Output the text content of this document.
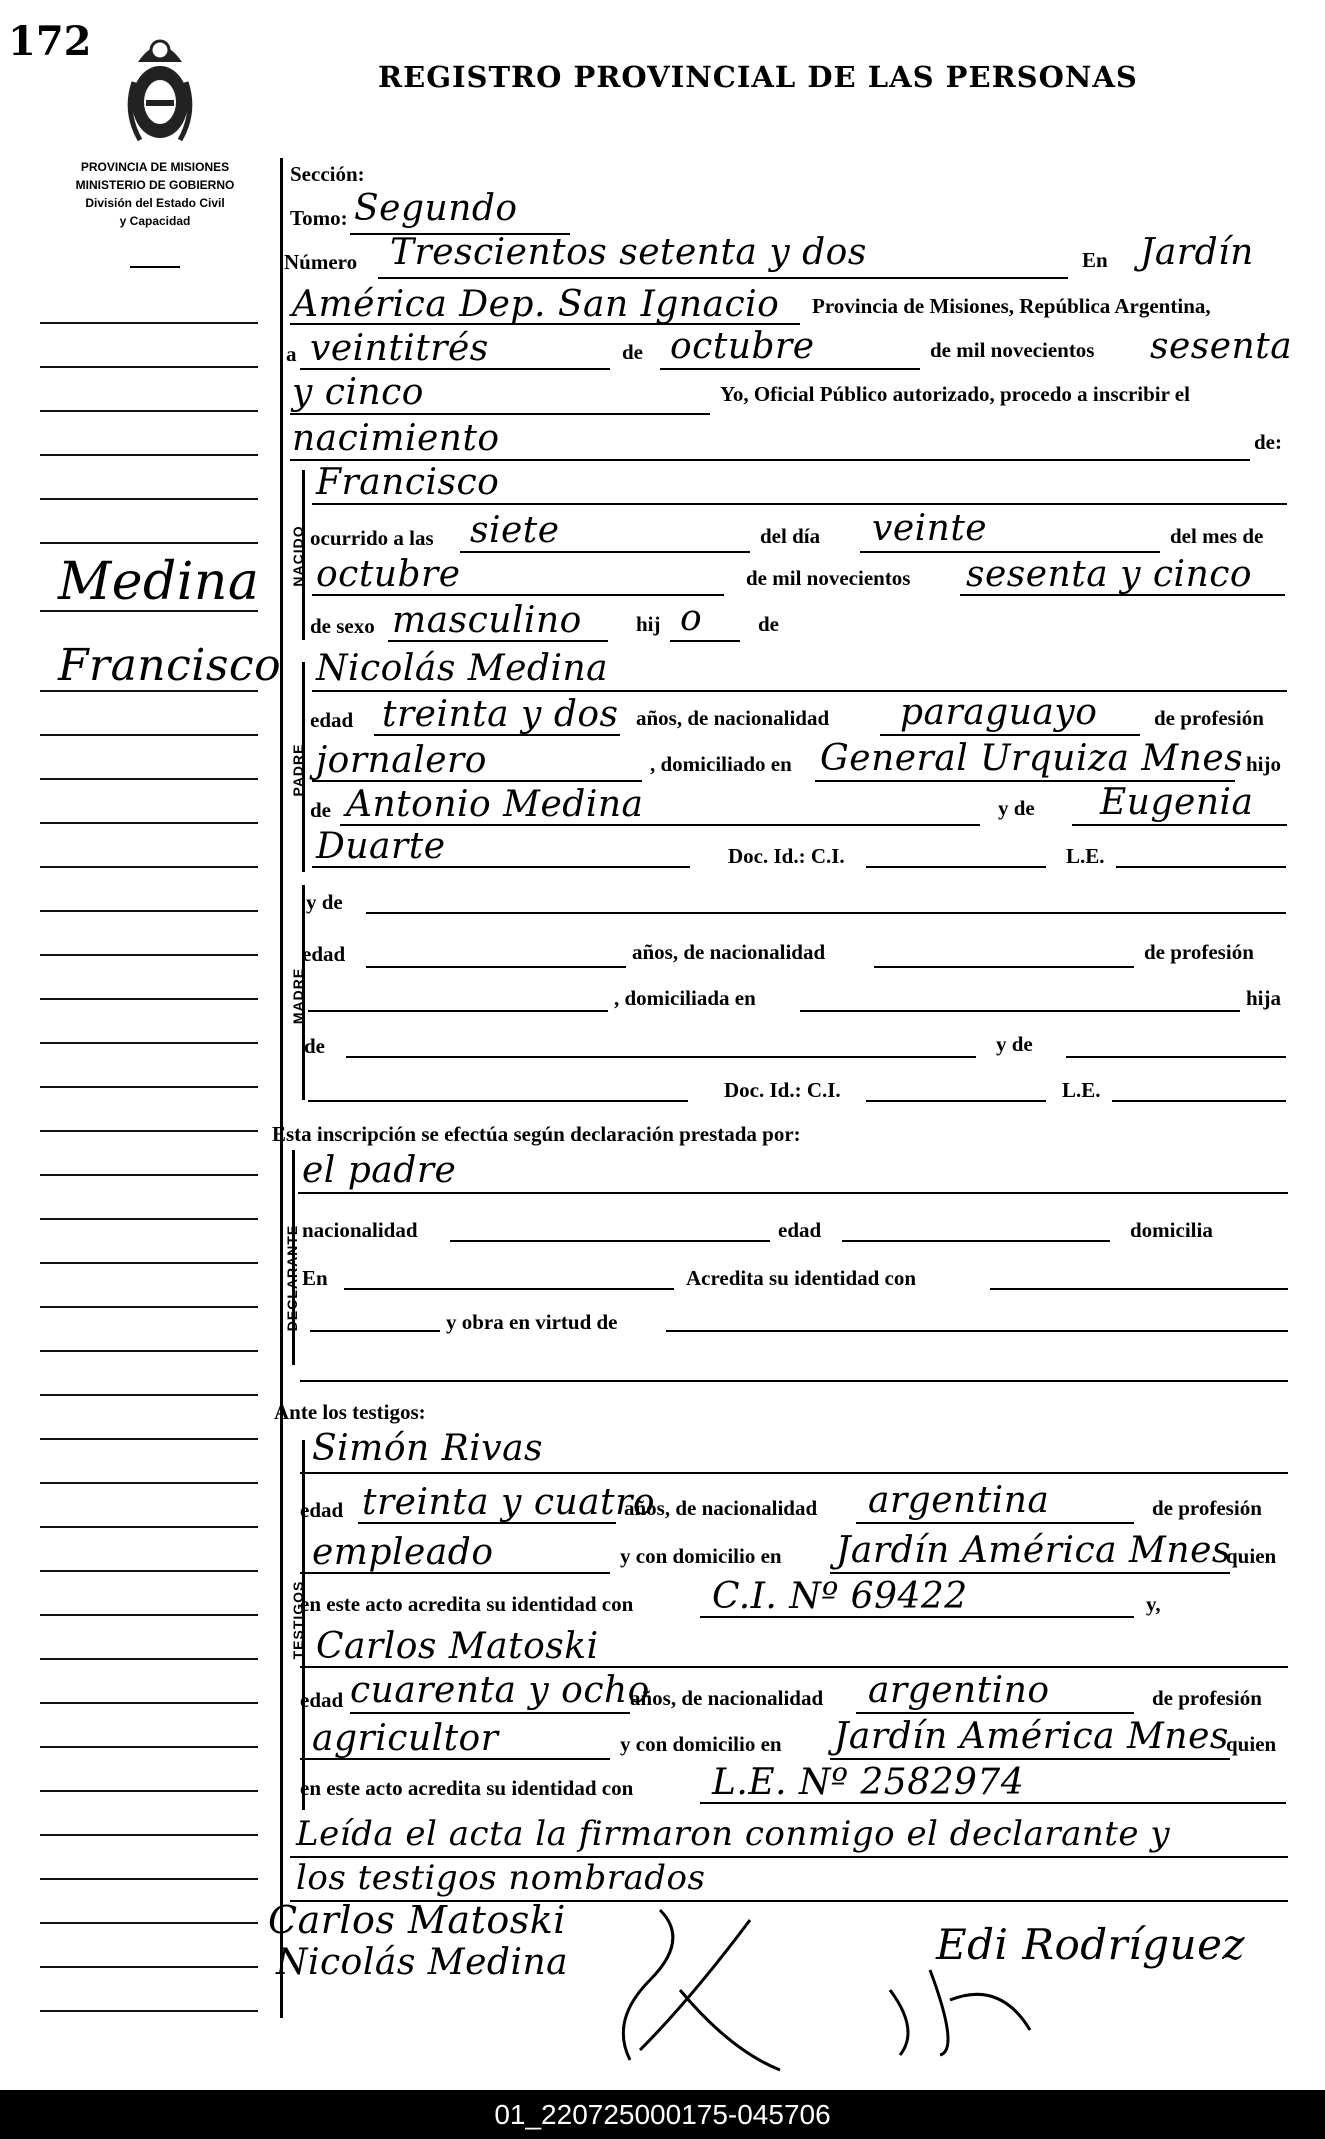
172
REGISTRO PROVINCIAL DE LAS PERSONAS
PROVINCIA DE MISIONES
MINISTERIO DE GOBIERNO
División del Estado Civil
y Capacidad
Medina
Francisco
NACIDO
PADRE
MADRE
DECLARANTE
TESTIGOS
Sección:
Tomo: Segundo
Número Trescientos setenta y dos	En Jardín
América Dep. San Ignacio Provincia de Misiones, República Argentina,
a veintitrés	de octubre	de mil novecientos sesenta
y cinco	Yo, Oficial Público autorizado, procedo a inscribir el
nacimiento	de:
Francisco
ocurrido a las siete	del día veinte	del mes de
octubre	de mil novecientos sesenta y cinco
de sexo masculino	hij o	de
Nicolás Medina
edad treinta y dos años, de nacionalidad paraguayo	de profesión
jornalero	, domiciliado en General Urquiza Mnes hijo
de Antonio Medina	y de Eugenia
Duarte	Doc. Id.: C.I.	L.E.
y de
edad	años, de nacionalidad	de profesión
, domiciliada en	hija
de	y de
Doc. Id.: C.I.	L.E.
Esta inscripción se efectúa según declaración prestada por:
el padre
nacionalidad	edad	domicilia
En	Acredita su identidad con
y obra en virtud de
Ante los testigos:
Simón Rivas
edad treinta y cuatro
años, de nacionalidad argentina	de profesión
empleado	y con domicilio en Jardín América Mnes
quien
en este acto acredita su identidad con C.I. Nº 69422	y,
Carlos Matoski
edad cuarenta y ocho
años, de nacionalidad argentino	de profesión
agricultor	y con domicilio en Jardín América Mnes
quien
en este acto acredita su identidad con L.E. Nº 2582974
Leída el acta la firmaron conmigo el declarante y
los testigos nombrados
Carlos Matoski
Nicolás Medina	Edi Rodríguez
01_220725000175-045706
